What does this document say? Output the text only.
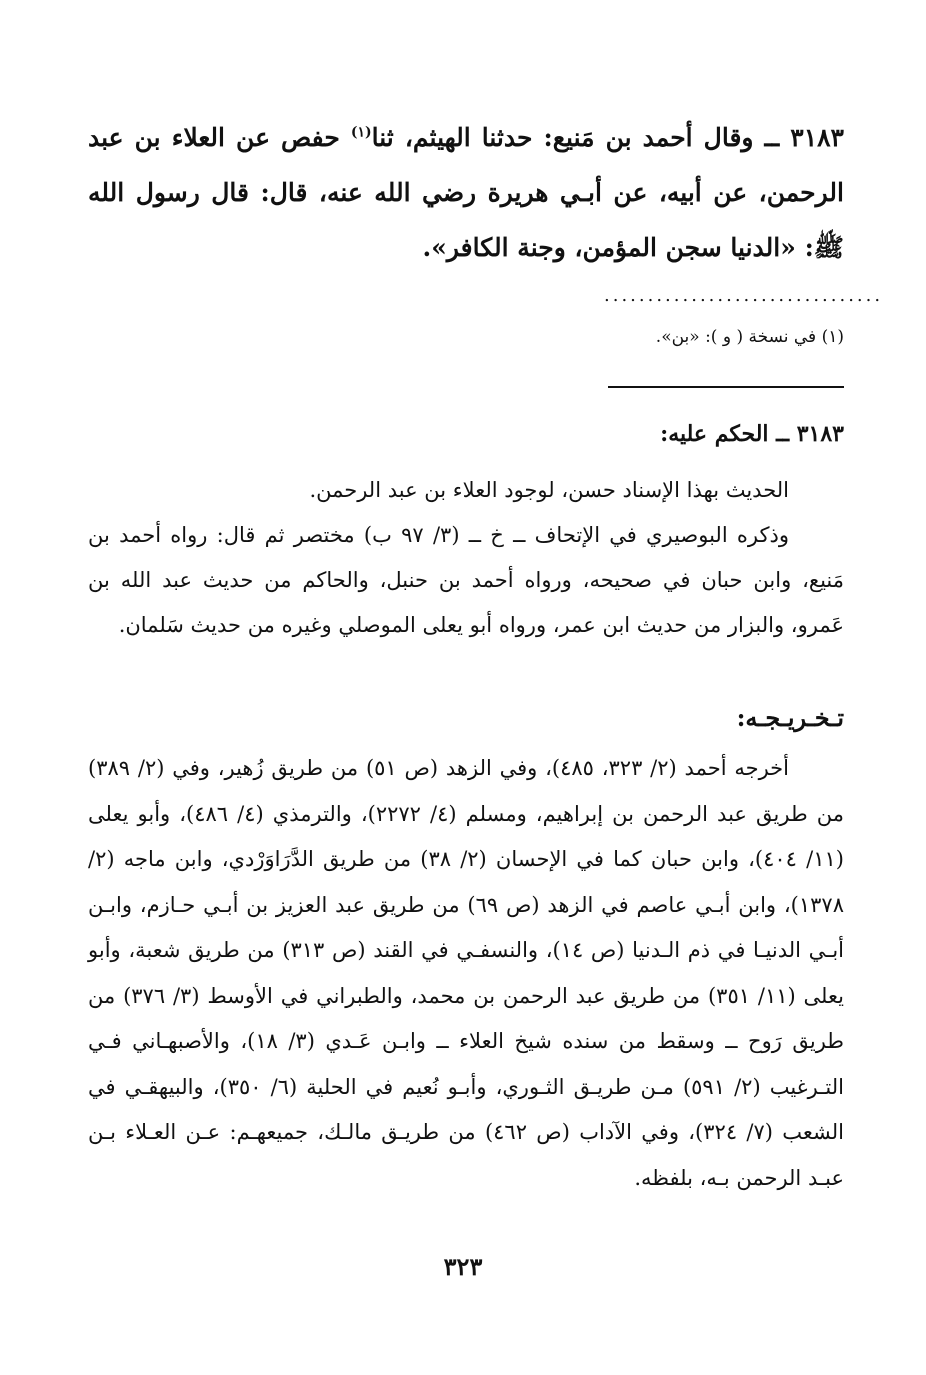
٣١٨٣ ــ وقال أحمد بن مَنيع: حدثنا الهيثم، ثنا$^{(١)}$ حفص عن العلاء بن عبد الرحمن، عن أبيه، عن أبـي هريرة رضي الله عنه، قال: قال رسول الله ﷺ: «الدنيا سجن المؤمن، وجنة الكافر».
................................
(١) في نسخة ( و ): «بن».
٣١٨٣ ــ الحكم عليه:

الحديث بهذا الإسناد حسن، لوجود العلاء بن عبد الرحمن.

وذكره البوصيري في الإتحاف ــ خ ــ (٣/ ٩٧ ب) مختصر ثم قال: رواه أحمد بن مَنيع، وابن حبان في صحيحه، ورواه أحمد بن حنبل، والحاكم من حديث عبد الله بن عَمرو، والبزار من حديث ابن عمر، ورواه أبو يعلى الموصلي وغيره من حديث سَلمان.

تـخـريـجـه:

أخرجه أحمد (٢/ ٣٢٣، ٤٨٥)، وفي الزهد (ص ٥١) من طريق زُهير، وفي (٢/ ٣٨٩) من طريق عبد الرحمن بن إبراهيم، ومسلم (٤/ ٢٢٧٢)، والترمذي (٤/ ٤٨٦)، وأبو يعلى (١١/ ٤٠٤)، وابن حبان كما في الإحسان (٢/ ٣٨) من طريق الدَّرَاوَرْدي، وابن ماجه (٢/ ١٣٧٨)، وابن أبـي عاصم في الزهد (ص ٦٩) من طريق عبد العزيز بن أبـي حـازم، وابـن أبـي الدنيـا في ذم الـدنيا (ص ١٤)، والنسفـي في القند (ص ٣١٣) من طريق شعبة، وأبو يعلى (١١/ ٣٥١) من طريق عبد الرحمن بن محمد، والطبراني في الأوسط (٣/ ٣٧٦) من طريق رَوح ــ وسقط من سنده شيخ العلاء ــ وابـن عَـدي (٣/ ١٨)، والأصبهـاني فـي التـرغيب (٢/ ٥٩١) مـن طريـق الثـوري، وأبـو نُعيم في الحلية (٦/ ٣٥٠)، والبيهقـي في الشعب (٧/ ٣٢٤)، وفي الآداب (ص ٤٦٢) من طريـق مالـك، جميعهـم: عـن العـلاء بـن عبـد الرحمن بـه، بلفظه.

٣٢٣
